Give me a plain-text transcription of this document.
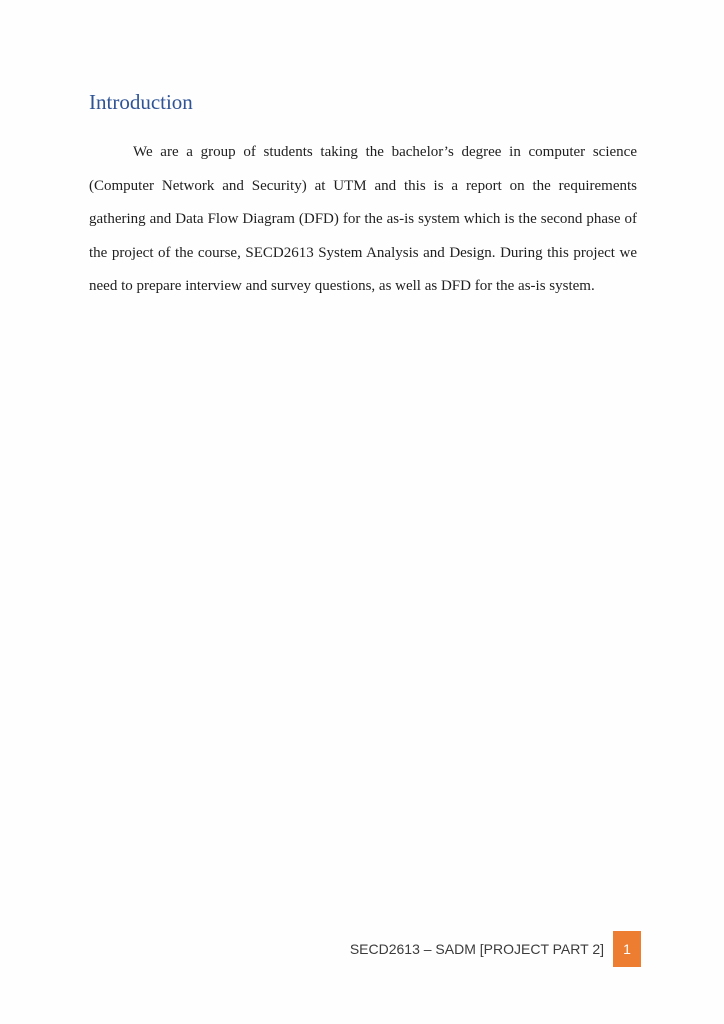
Introduction

We are a group of students taking the bachelor’s degree in computer science (Computer Network and Security) at UTM and this is a report on the requirements gathering and Data Flow Diagram (DFD) for the as-is system which is the second phase of the project of the course, SECD2613 System Analysis and Design. During this project we need to prepare interview and survey questions, as well as DFD for the as-is system.

SECD2613 – SADM [PROJECT PART 2]	1
